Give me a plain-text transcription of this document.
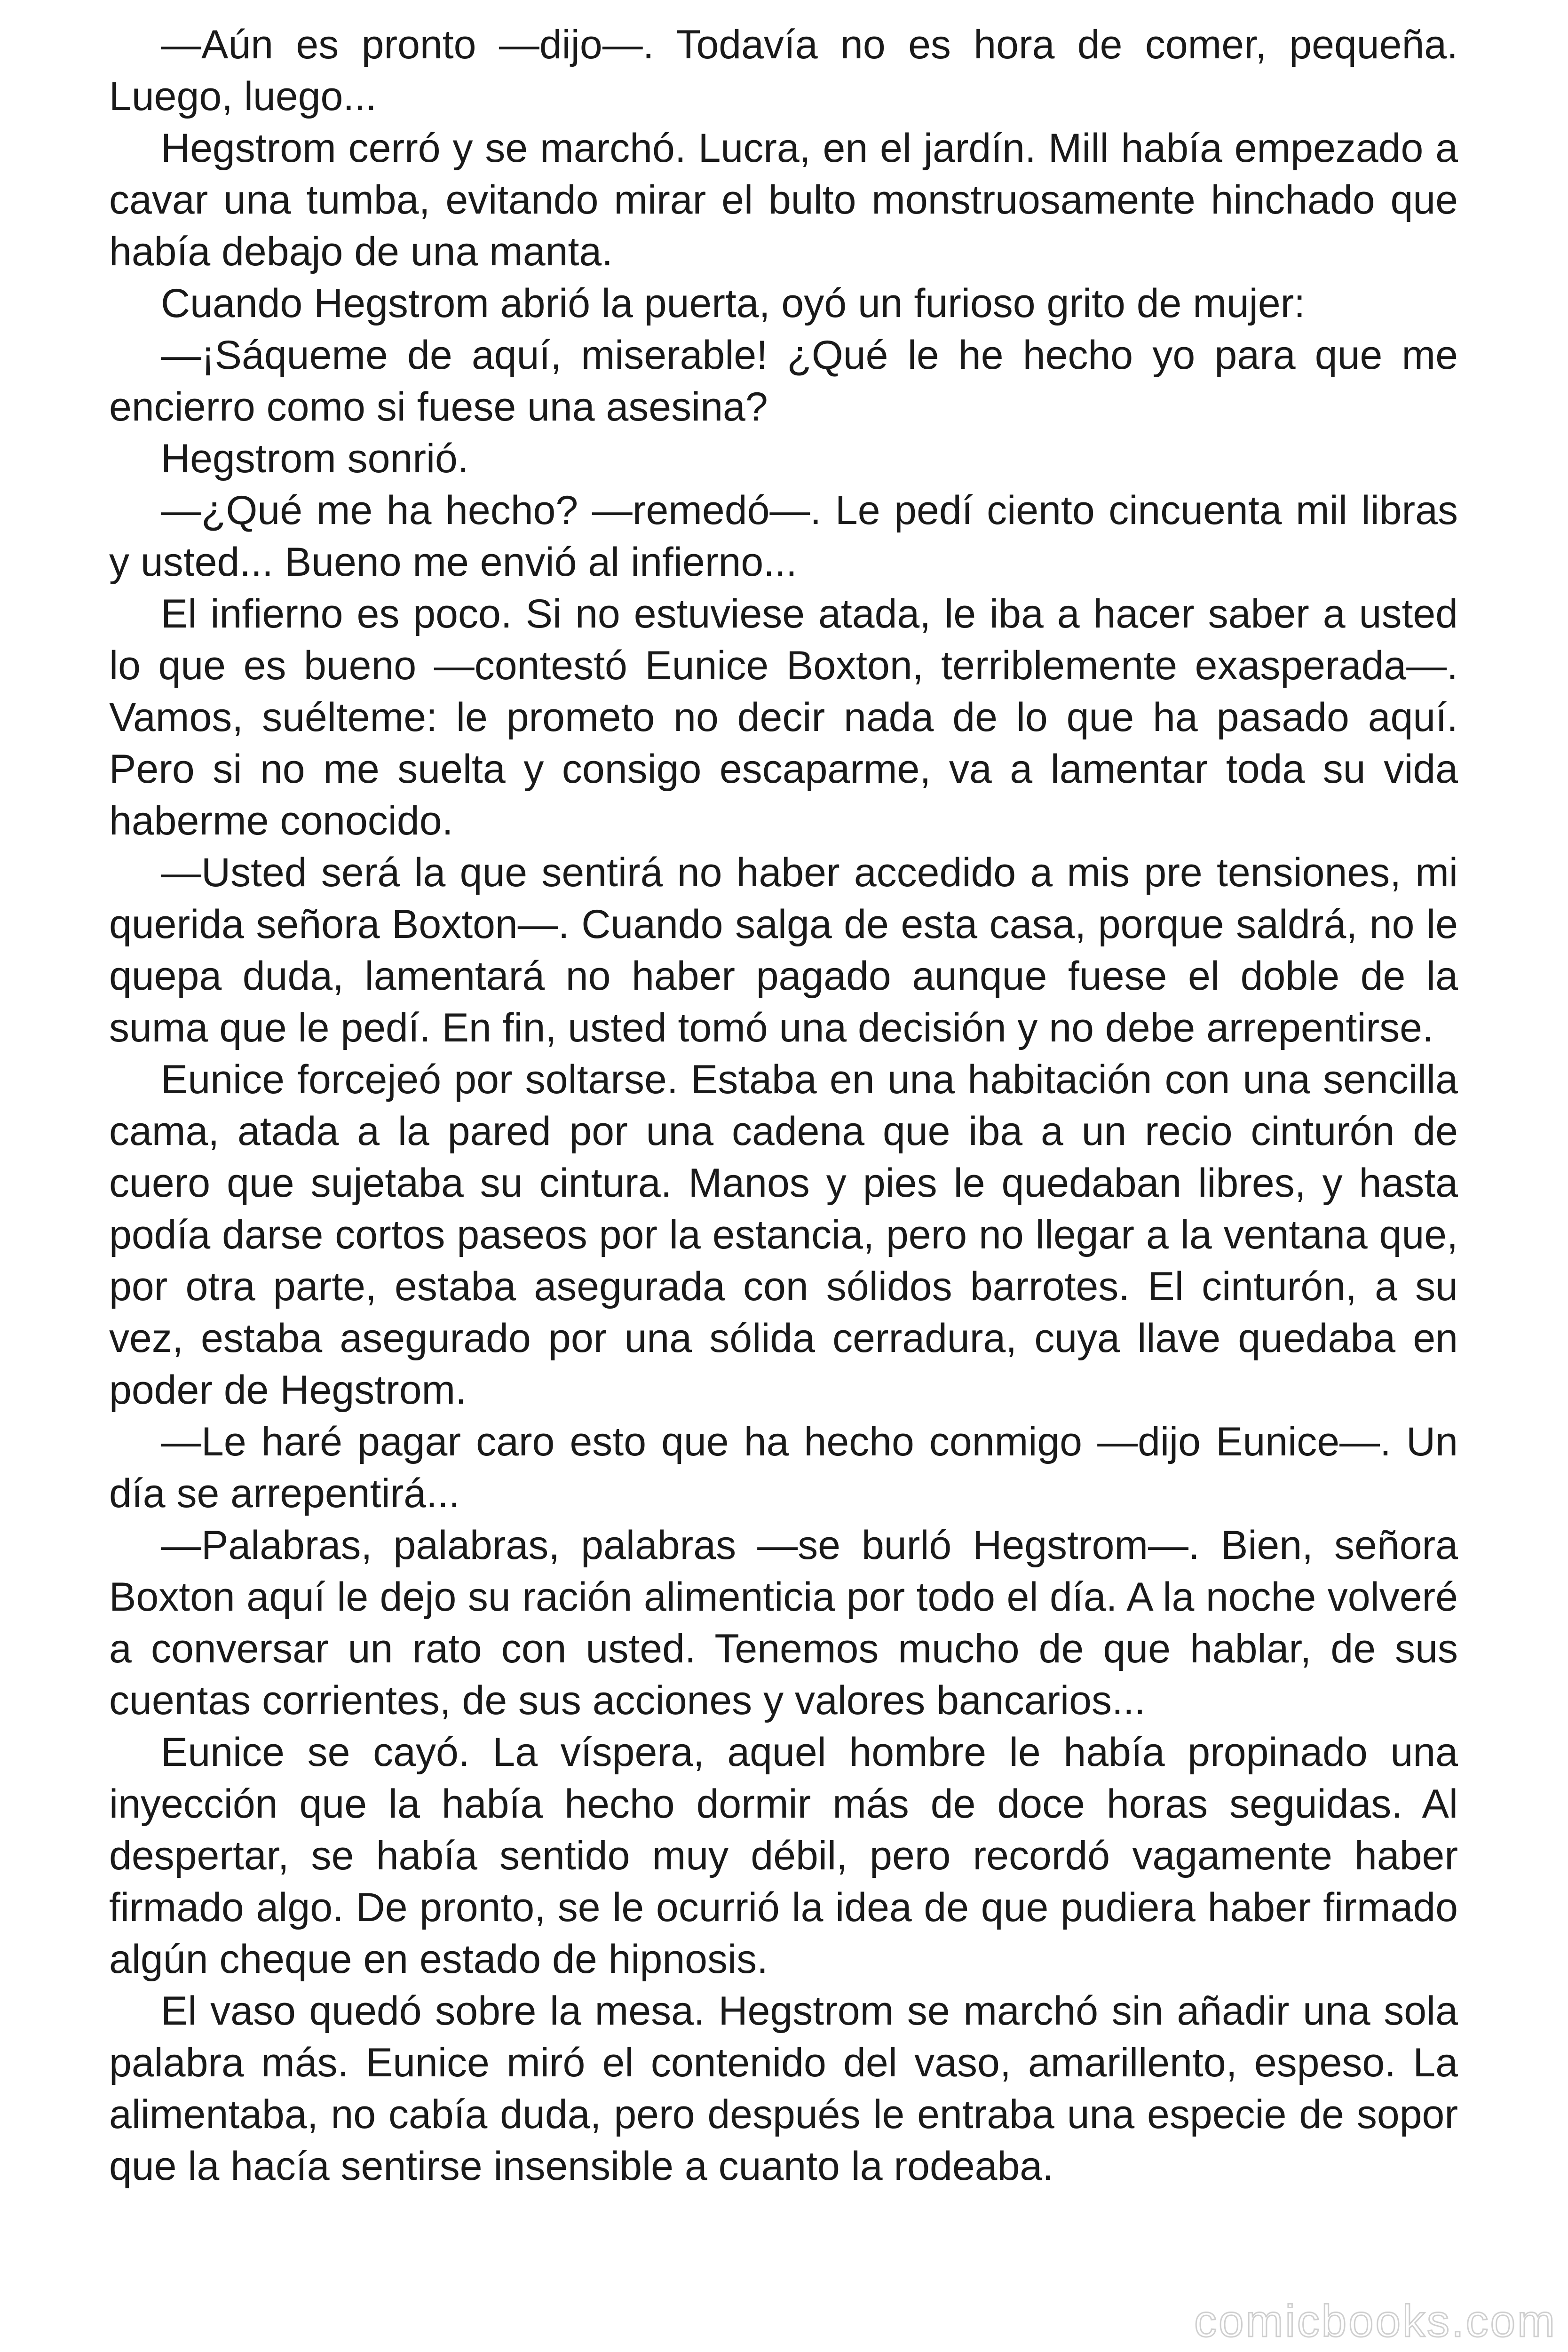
—Aún es pronto —dijo—. Todavía no es hora de comer, pequeña. Luego, luego...

Hegstrom cerró y se marchó. Lucra, en el jardín. Mill había empezado a cavar una tumba, evitando mirar el bulto monstruosamente hinchado que había debajo de una manta.

Cuando Hegstrom abrió la puerta, oyó un furioso grito de mujer:

—¡Sáqueme de aquí, miserable! ¿Qué le he hecho yo para que me encierro como si fuese una asesina?

Hegstrom sonrió.

—¿Qué me ha hecho? —remedó—. Le pedí ciento cincuenta mil libras y usted... Bueno me envió al infierno...

El infierno es poco. Si no estuviese atada, le iba a hacer saber a usted lo que es bueno —contestó Eunice Boxton, terriblemente exasperada—. Vamos, suélteme: le prometo no decir nada de lo que ha pasado aquí. Pero si no me suelta y consigo escaparme, va a lamentar toda su vida haberme conocido.

—Usted será la que sentirá no haber accedido a mis pre tensiones, mi querida señora Boxton—. Cuando salga de esta casa, porque saldrá, no le quepa duda, lamentará no haber pagado aunque fuese el doble de la suma que le pedí. En fin, usted tomó una decisión y no debe arrepentirse.

Eunice forcejeó por soltarse. Estaba en una habitación con una sencilla cama, atada a la pared por una cadena que iba a un recio cinturón de cuero que sujetaba su cintura. Manos y pies le quedaban libres, y hasta podía darse cortos paseos por la estancia, pero no llegar a la ventana que, por otra parte, estaba asegurada con sólidos barrotes. El cinturón, a su vez, estaba asegurado por una sólida cerradura, cuya llave quedaba en poder de Hegstrom.

—Le haré pagar caro esto que ha hecho conmigo —dijo Eunice—. Un día se arrepentirá...

—Palabras, palabras, palabras —se burló Hegstrom—. Bien, señora Boxton aquí le dejo su ración alimenticia por todo el día. A la noche volveré a conversar un rato con usted. Tenemos mucho de que hablar, de sus cuentas corrientes, de sus acciones y valores bancarios...

Eunice se cayó. La víspera, aquel hombre le había propinado una inyección que la había hecho dormir más de doce horas seguidas. Al despertar, se había sentido muy débil, pero recordó vagamente haber firmado algo. De pronto, se le ocurrió la idea de que pudiera haber firmado algún cheque en estado de hipnosis.

El vaso quedó sobre la mesa. Hegstrom se marchó sin añadir una sola palabra más. Eunice miró el contenido del vaso, amarillento, espeso. La alimentaba, no cabía duda, pero después le entraba una especie de sopor que la hacía sentirse insensible a cuanto la rodeaba.

comicbooks.com
